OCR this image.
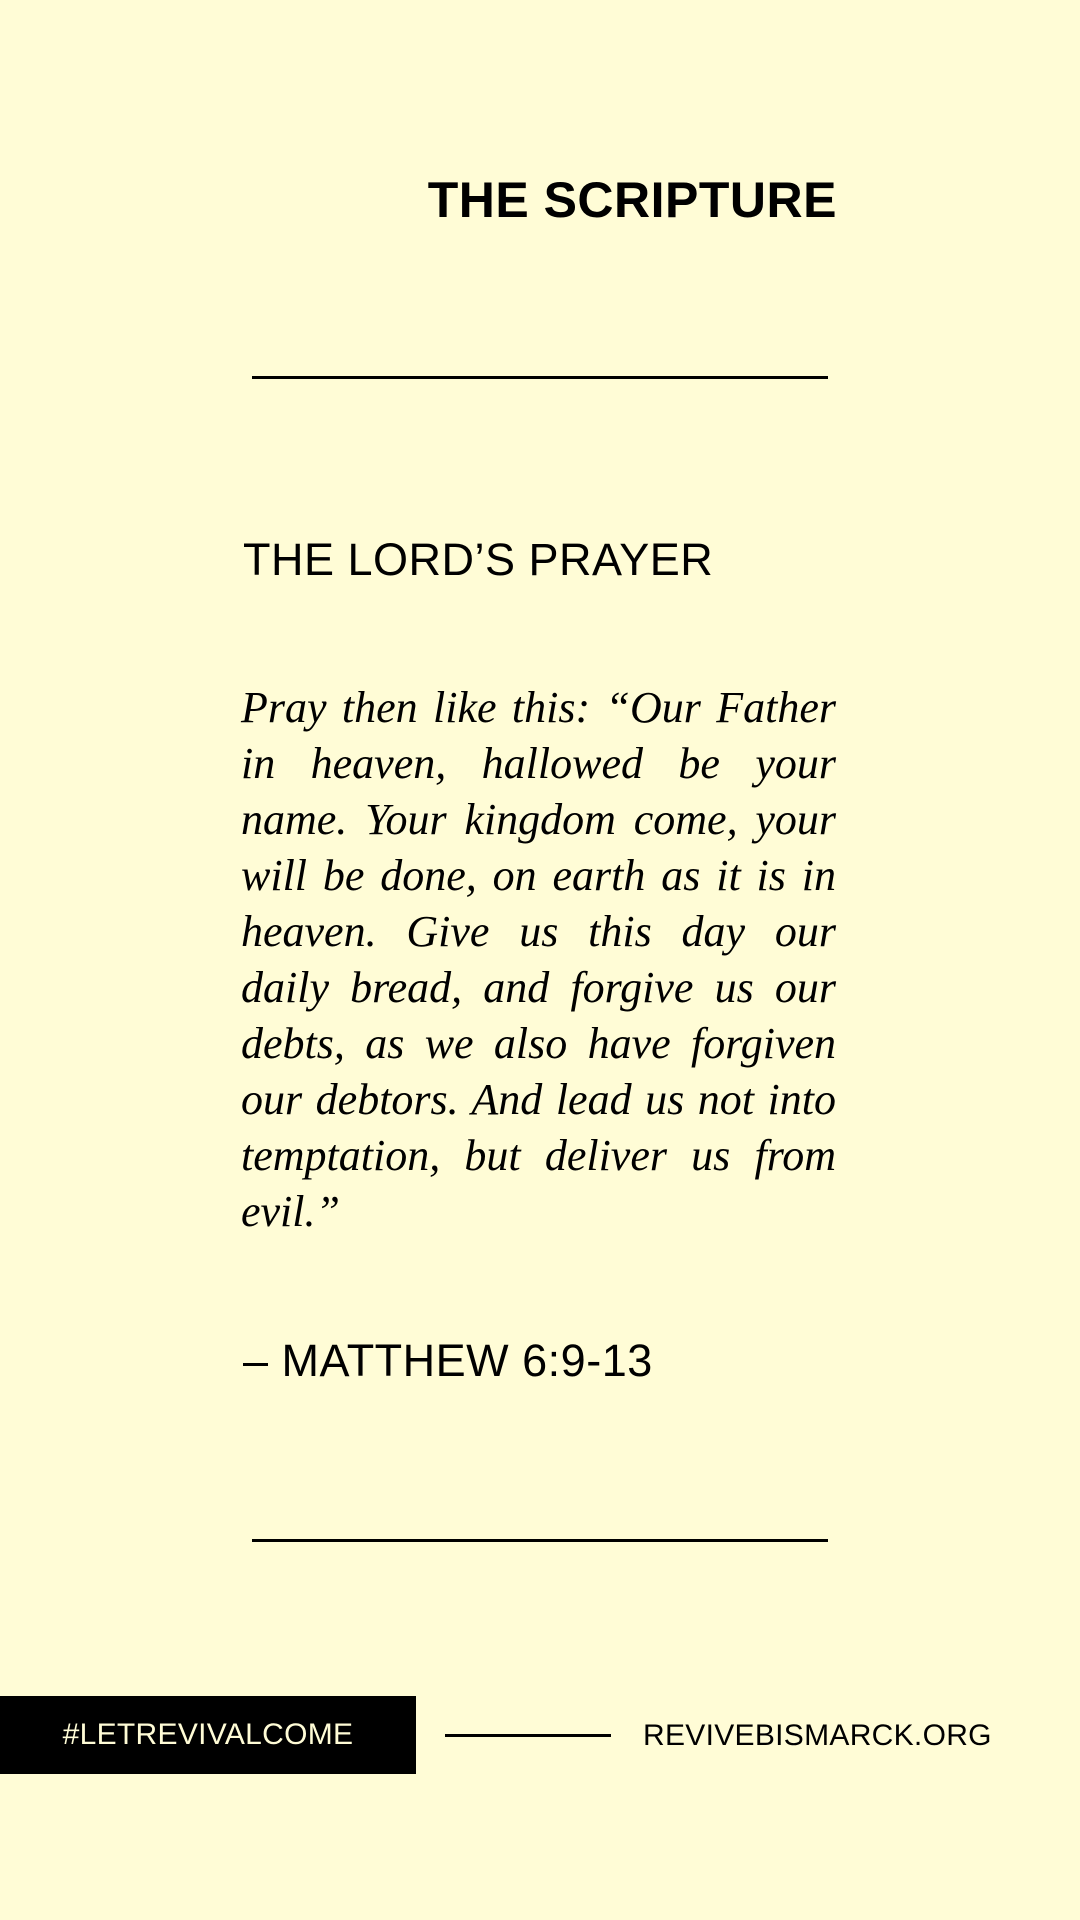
THE SCRIPTURE
THE LORD’S PRAYER

Pray then like this: “Our Father in heaven, hallowed be your name. Your kingdom come, your will be done, on earth as it is in heaven. Give us this day our daily bread, and forgive us our debts, as we also have forgiven our debtors. And lead us not into temptation, but deliver us from evil.”

– MATTHEW 6:9-13
#LETREVIVALCOME	REVIVEBISMARCK.ORG
